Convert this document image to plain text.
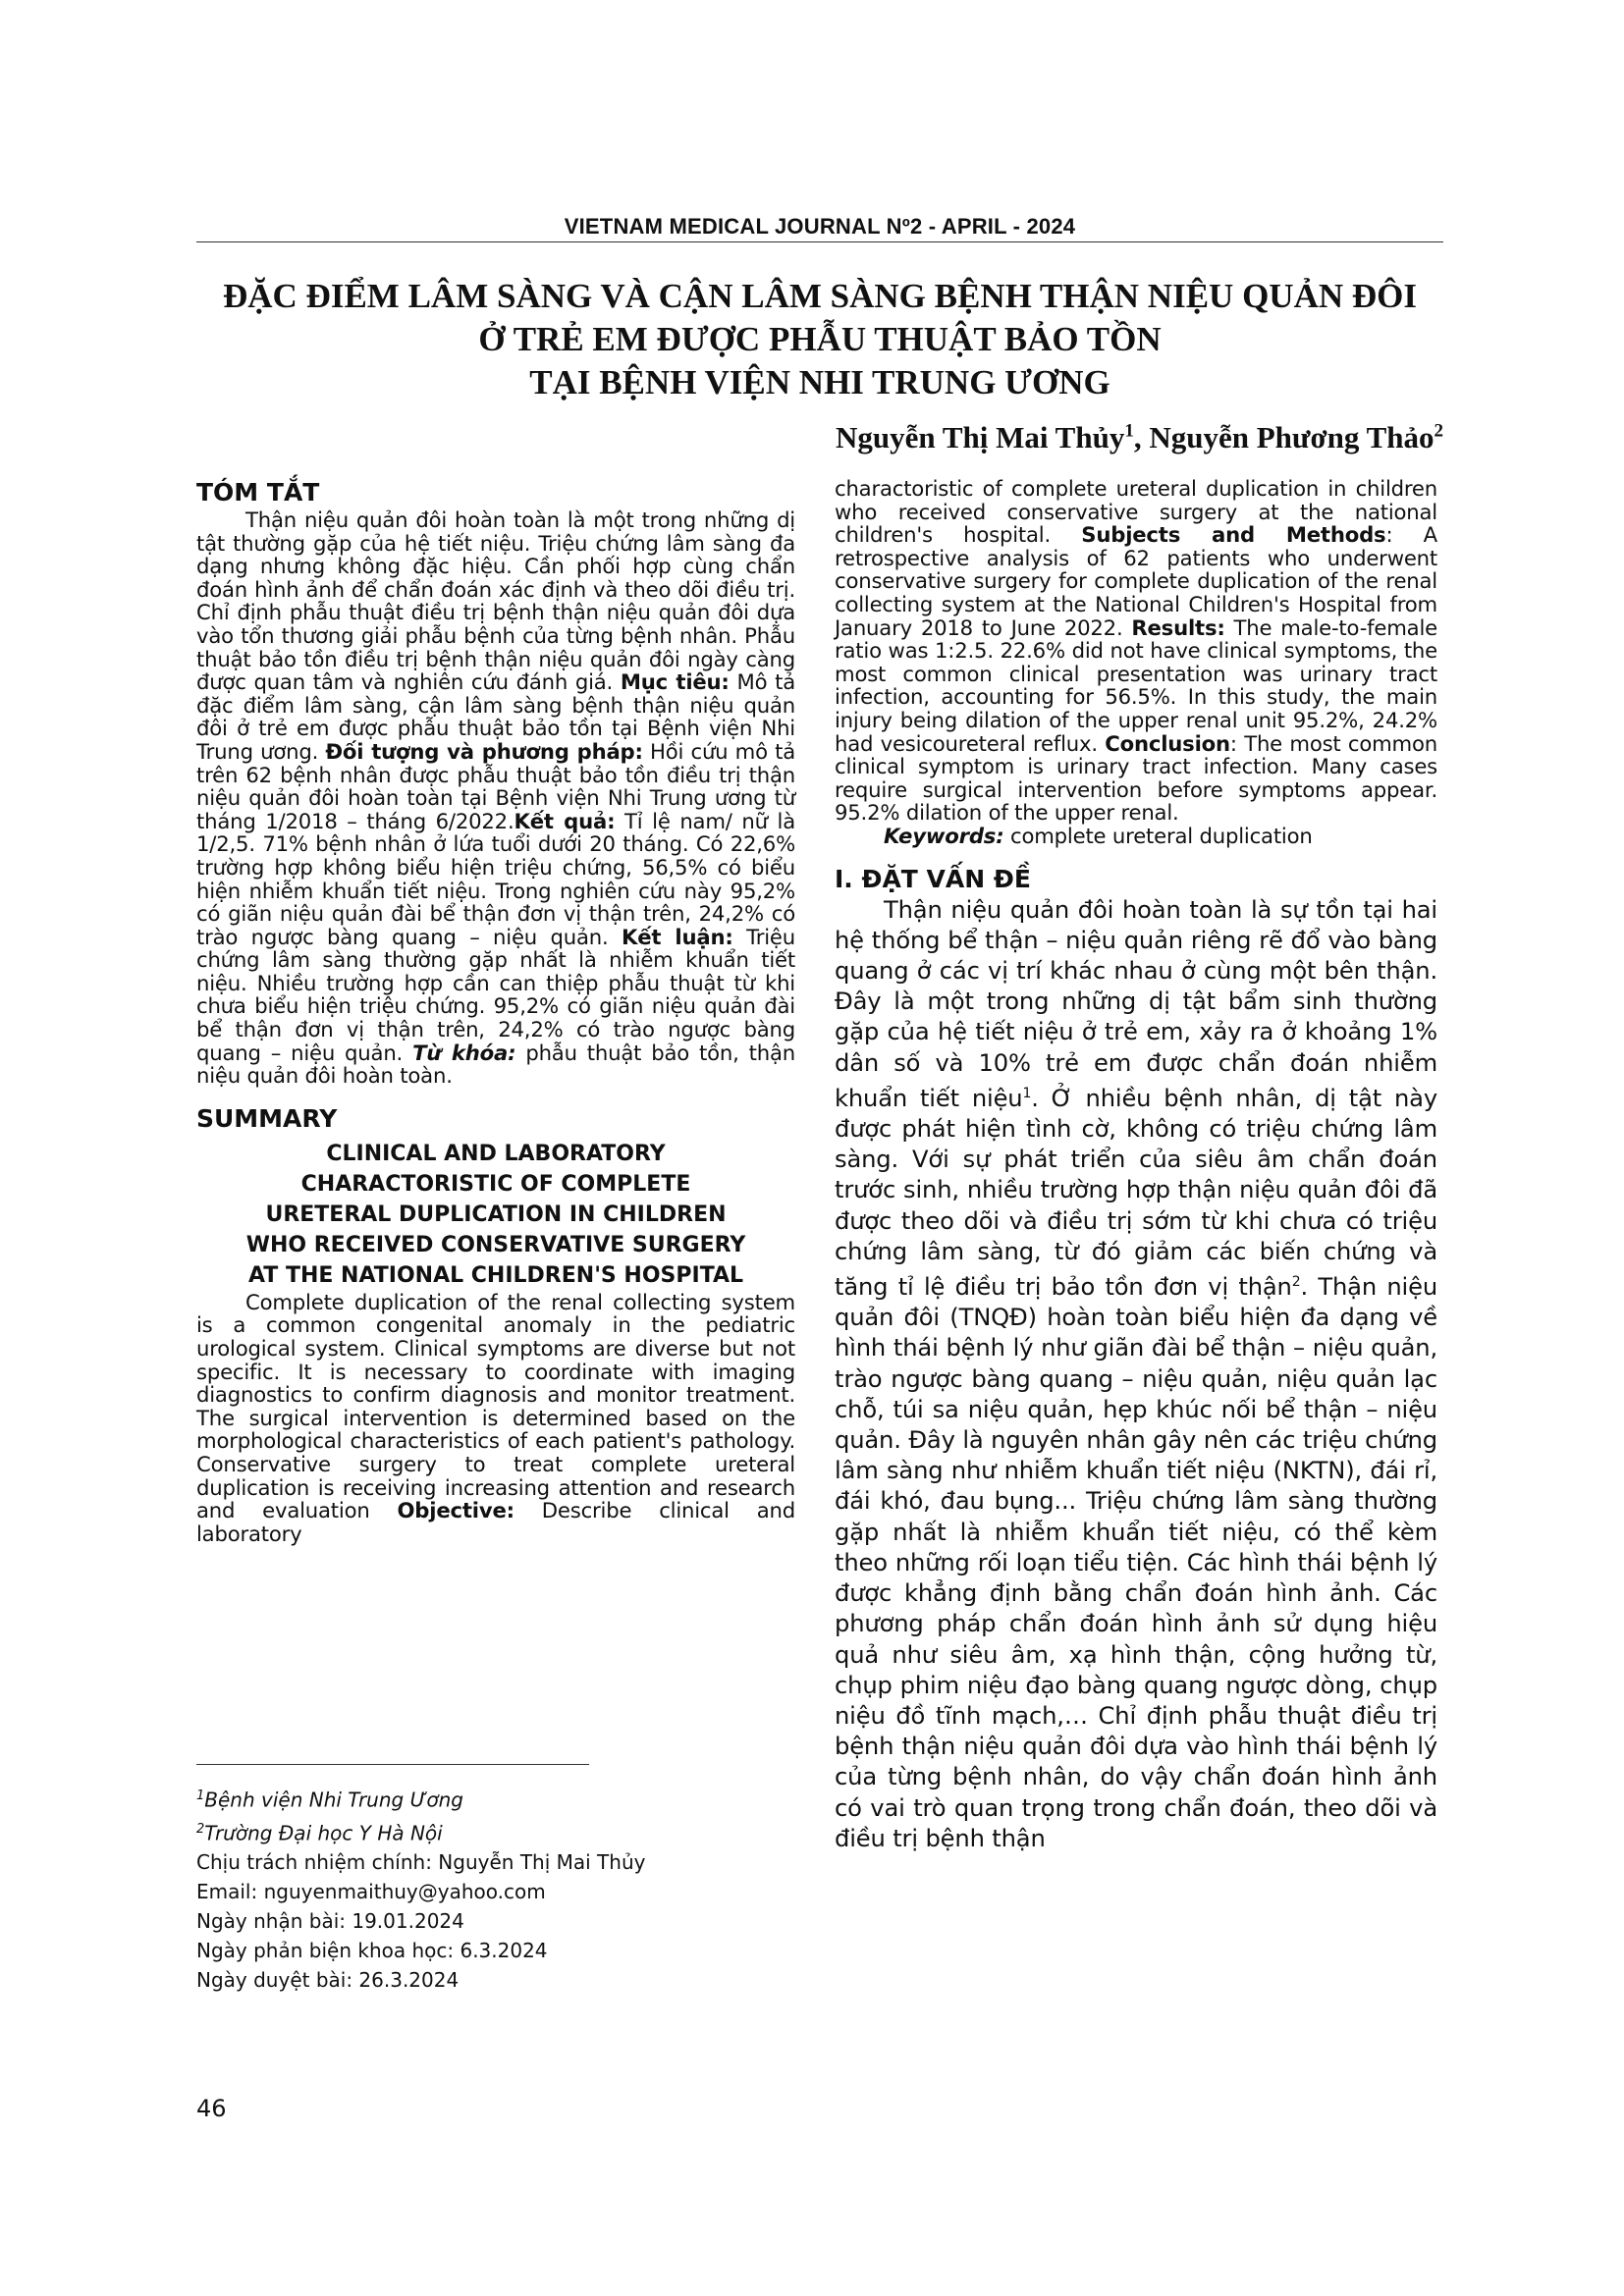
VIETNAM MEDICAL JOURNAL Nº2 - APRIL - 2024
ĐẶC ĐIỂM LÂM SÀNG VÀ CẬN LÂM SÀNG BỆNH THẬN NIỆU QUẢN ĐÔI
Ở TRẺ EM ĐƯỢC PHẪU THUẬT BẢO TỒN
TẠI BỆNH VIỆN NHI TRUNG ƯƠNG
Nguyễn Thị Mai Thủy$^1$, Nguyễn Phương Thảo$^2$
TÓM TẮT

Thận niệu quản đôi hoàn toàn là một trong những dị tật thường gặp của hệ tiết niệu. Triệu chứng lâm sàng đa dạng nhưng không đặc hiệu. Cần phối hợp cùng chẩn đoán hình ảnh để chẩn đoán xác định và theo dõi điều trị. Chỉ định phẫu thuật điều trị bệnh thận niệu quản đôi dựa vào tổn thương giải phẫu bệnh của từng bệnh nhân. Phẫu thuật bảo tồn điều trị bệnh thận niệu quản đôi ngày càng được quan tâm và nghiên cứu đánh giá. Mục tiêu: Mô tả đặc điểm lâm sàng, cận lâm sàng bệnh thận niệu quản đôi ở trẻ em được phẫu thuật bảo tồn tại Bệnh viện Nhi Trung ương. Đối tượng và phương pháp: Hồi cứu mô tả trên 62 bệnh nhân được phẫu thuật bảo tồn điều trị thận niệu quản đôi hoàn toàn tại Bệnh viện Nhi Trung ương từ tháng 1/2018 – tháng 6/2022.Kết quả: Tỉ lệ nam/ nữ là 1/2,5. 71% bệnh nhân ở lứa tuổi dưới 20 tháng. Có 22,6% trường hợp không biểu hiện triệu chứng, 56,5% có biểu hiện nhiễm khuẩn tiết niệu. Trong nghiên cứu này 95,2% có giãn niệu quản đài bể thận đơn vị thận trên, 24,2% có trào ngược bàng quang – niệu quản. Kết luận: Triệu chứng lâm sàng thường gặp nhất là nhiễm khuẩn tiết niệu. Nhiều trường hợp cần can thiệp phẫu thuật từ khi chưa biểu hiện triệu chứng. 95,2% có giãn niệu quản đài bể thận đơn vị thận trên, 24,2% có trào ngược bàng quang – niệu quản. Từ khóa: phẫu thuật bảo tồn, thận niệu quản đôi hoàn toàn.

SUMMARY
CLINICAL AND LABORATORY
CHARACTORISTIC OF COMPLETE
URETERAL DUPLICATION IN CHILDREN
WHO RECEIVED CONSERVATIVE SURGERY
AT THE NATIONAL CHILDREN'S HOSPITAL

Complete duplication of the renal collecting system is a common congenital anomaly in the pediatric urological system. Clinical symptoms are diverse but not specific. It is necessary to coordinate with imaging diagnostics to confirm diagnosis and monitor treatment. The surgical intervention is determined based on the morphological characteristics of each patient's pathology. Conservative surgery to treat complete ureteral duplication is receiving increasing attention and research and evaluation Objective: Describe clinical and laboratory

$^1$Bệnh viện Nhi Trung Ương
$^2$Trường Đại học Y Hà Nội
Chịu trách nhiệm chính: Nguyễn Thị Mai Thủy
Email: nguyenmaithuy@yahoo.com
Ngày nhận bài: 19.01.2024
Ngày phản biện khoa học: 6.3.2024
Ngày duyệt bài: 26.3.2024

charactoristic of complete ureteral duplication in children who received conservative surgery at the national children's hospital. Subjects and Methods: A retrospective analysis of 62 patients who underwent conservative surgery for complete duplication of the renal collecting system at the National Children's Hospital from January 2018 to June 2022. Results: The male-to-female ratio was 1:2.5. 22.6% did not have clinical symptoms, the most common clinical presentation was urinary tract infection, accounting for 56.5%. In this study, the main injury being dilation of the upper renal unit 95.2%, 24.2% had vesicoureteral reflux. Conclusion: The most common clinical symptom is urinary tract infection. Many cases require surgical intervention before symptoms appear. 95.2% dilation of the upper renal.

Keywords: complete ureteral duplication

I. ĐẶT VẤN ĐỀ

Thận niệu quản đôi hoàn toàn là sự tồn tại hai hệ thống bể thận – niệu quản riêng rẽ đổ vào bàng quang ở các vị trí khác nhau ở cùng một bên thận. Đây là một trong những dị tật bẩm sinh thường gặp của hệ tiết niệu ở trẻ em, xảy ra ở khoảng 1% dân số và 10% trẻ em được chẩn đoán nhiễm khuẩn tiết niệu$^1$. Ở nhiều bệnh nhân, dị tật này được phát hiện tình cờ, không có triệu chứng lâm sàng. Với sự phát triển của siêu âm chẩn đoán trước sinh, nhiều trường hợp thận niệu quản đôi đã được theo dõi và điều trị sớm từ khi chưa có triệu chứng lâm sàng, từ đó giảm các biến chứng và tăng tỉ lệ điều trị bảo tồn đơn vị thận$^2$. Thận niệu quản đôi (TNQĐ) hoàn toàn biểu hiện đa dạng về hình thái bệnh lý như giãn đài bể thận – niệu quản, trào ngược bàng quang – niệu quản, niệu quản lạc chỗ, túi sa niệu quản, hẹp khúc nối bể thận – niệu quản. Đây là nguyên nhân gây nên các triệu chứng lâm sàng như nhiễm khuẩn tiết niệu (NKTN), đái rỉ, đái khó, đau bụng... Triệu chứng lâm sàng thường gặp nhất là nhiễm khuẩn tiết niệu, có thể kèm theo những rối loạn tiểu tiện. Các hình thái bệnh lý được khẳng định bằng chẩn đoán hình ảnh. Các phương pháp chẩn đoán hình ảnh sử dụng hiệu quả như siêu âm, xạ hình thận, cộng hưởng từ, chụp phim niệu đạo bàng quang ngược dòng, chụp niệu đồ tĩnh mạch,… Chỉ định phẫu thuật điều trị bệnh thận niệu quản đôi dựa vào hình thái bệnh lý của từng bệnh nhân, do vậy chẩn đoán hình ảnh có vai trò quan trọng trong chẩn đoán, theo dõi và điều trị bệnh thận

46
